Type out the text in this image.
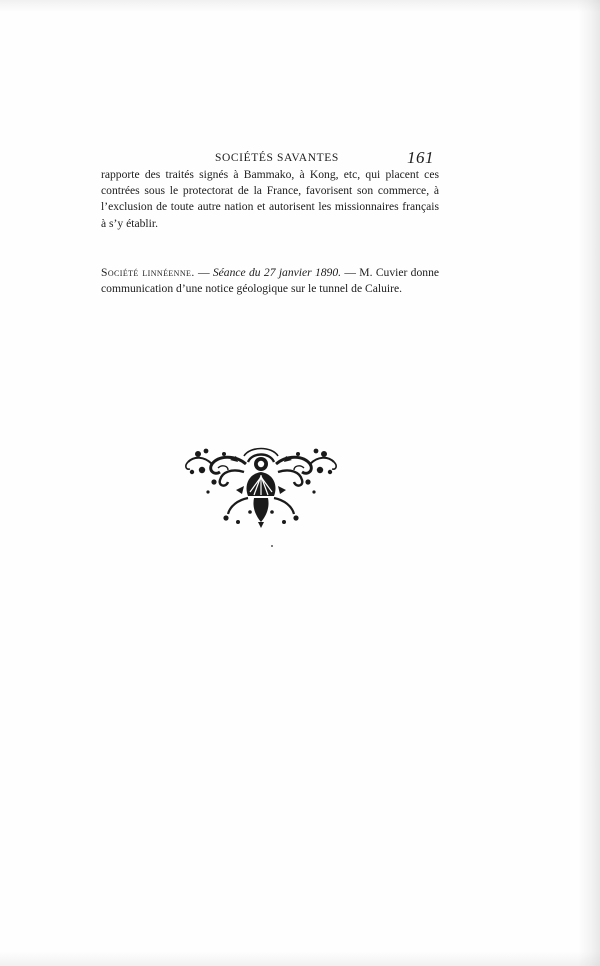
SOCIÉTÉS SAVANTES	161

rapporte des traités signés à Bammako, à Kong, etc, qui placent ces contrées sous le protectorat de la France, favorisent son commerce, à l’exclusion de toute autre nation et autorisent les missionnaires français à s’y établir.

Société linnéenne. — Séance du 27 janvier 1890. — M. Cuvier donne communication d’une notice géologique sur le tunnel de Caluire.
